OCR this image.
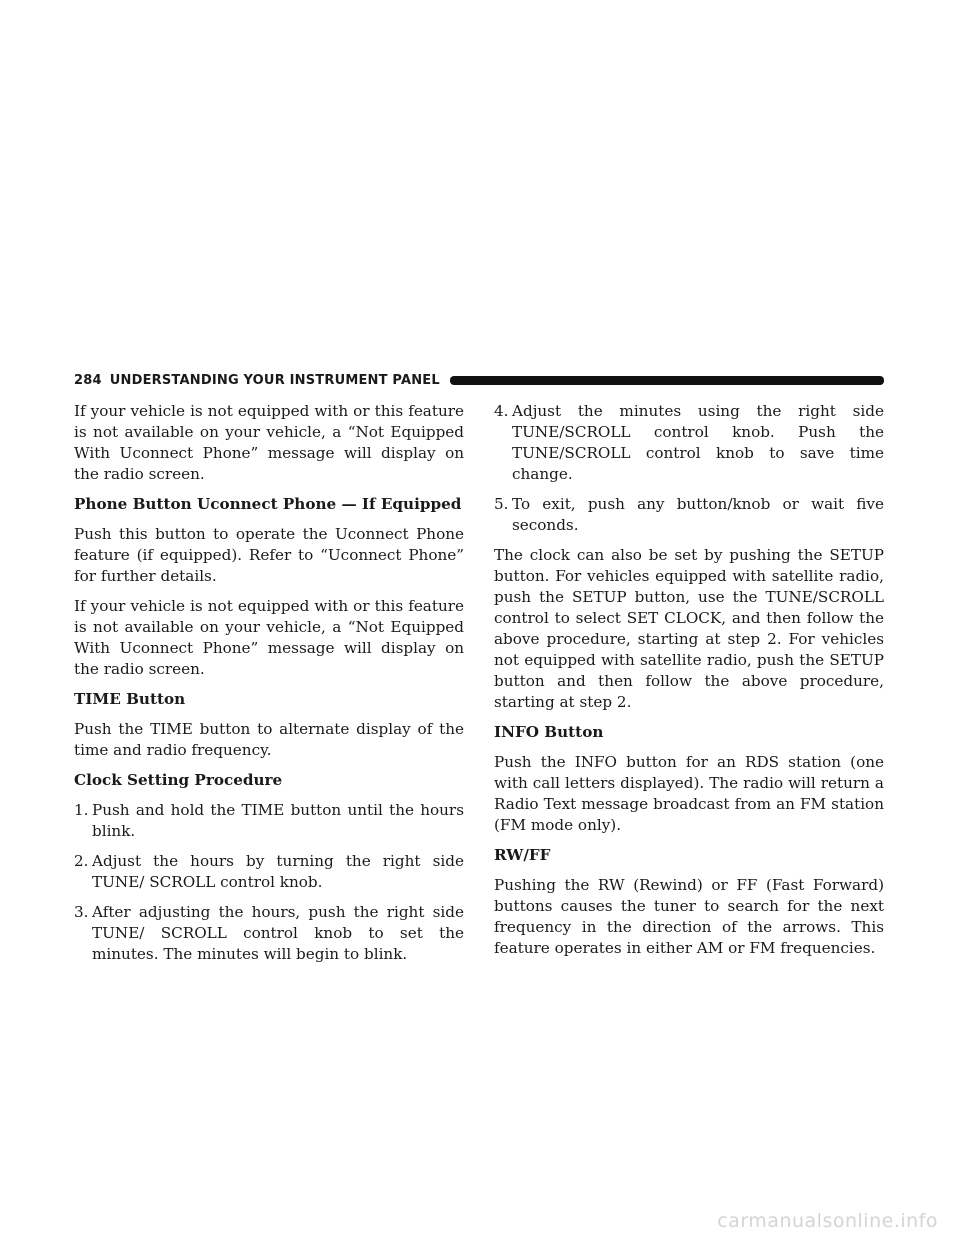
284 UNDERSTANDING YOUR INSTRUMENT PANEL

If your vehicle is not equipped with or this feature is not available on your vehicle, a “Not Equipped With Uconnect Phone” message will display on the radio screen.

Phone Button Uconnect Phone — If Equipped

Push this button to operate the Uconnect Phone feature (if equipped). Refer to “Uconnect Phone” for further details.

If your vehicle is not equipped with or this feature is not available on your vehicle, a “Not Equipped With Uconnect Phone” message will display on the radio screen.

TIME Button

Push the TIME button to alternate display of the time and radio frequency.

Clock Setting Procedure
1. Push and hold the TIME button until the hours blink.
2. Adjust the hours by turning the right side TUNE/ SCROLL control knob.
3. After adjusting the hours, push the right side TUNE/ SCROLL control knob to set the minutes. The minutes will begin to blink.
4. Adjust the minutes using the right side TUNE/SCROLL control knob. Push the TUNE/SCROLL control knob to save time change.
5. To exit, push any button/knob or wait five seconds.

The clock can also be set by pushing the SETUP button. For vehicles equipped with satellite radio, push the SETUP button, use the TUNE/SCROLL control to select SET CLOCK, and then follow the above procedure, starting at step 2. For vehicles not equipped with satellite radio, push the SETUP button and then follow the above procedure, starting at step 2.

INFO Button

Push the INFO button for an RDS station (one with call letters displayed). The radio will return a Radio Text message broadcast from an FM station (FM mode only).

RW/FF

Pushing the RW (Rewind) or FF (Fast Forward) buttons causes the tuner to search for the next frequency in the direction of the arrows. This feature operates in either AM or FM frequencies.

carmanualsonline.info
